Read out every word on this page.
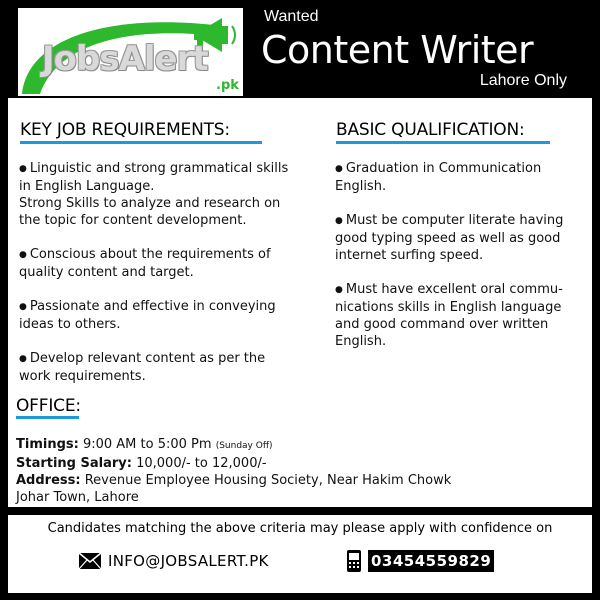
JobsAlert
.pk
Wanted
Content Writer
Lahore Only
KEY JOB REQUIREMENTS:	BASIC QUALIFICATION:
● Linguistic and strong grammatical skills
in English Language.
Strong Skills to analyze and research on
the topic for content development.
● Conscious about the requirements of
quality content and target.
● Passionate and effective in conveying
ideas to others.
● Develop relevant content as per the
work requirements.
● Graduation in Communication
English.
● Must be computer literate having
good typing speed as well as good
internet surfing speed.
● Must have excellent oral commu-
nications skills in English language
and good command over written
English.
OFFICE:
Timings: 9:00 AM to 5:00 Pm (Sunday Off)
Starting Salary: 10,000/- to 12,000/-
Address: Revenue Employee Housing Society, Near Hakim Chowk
Johar Town, Lahore
Candidates matching the above criteria may please apply with confidence on
INFO@JOBSALERT.PK	03454559829
